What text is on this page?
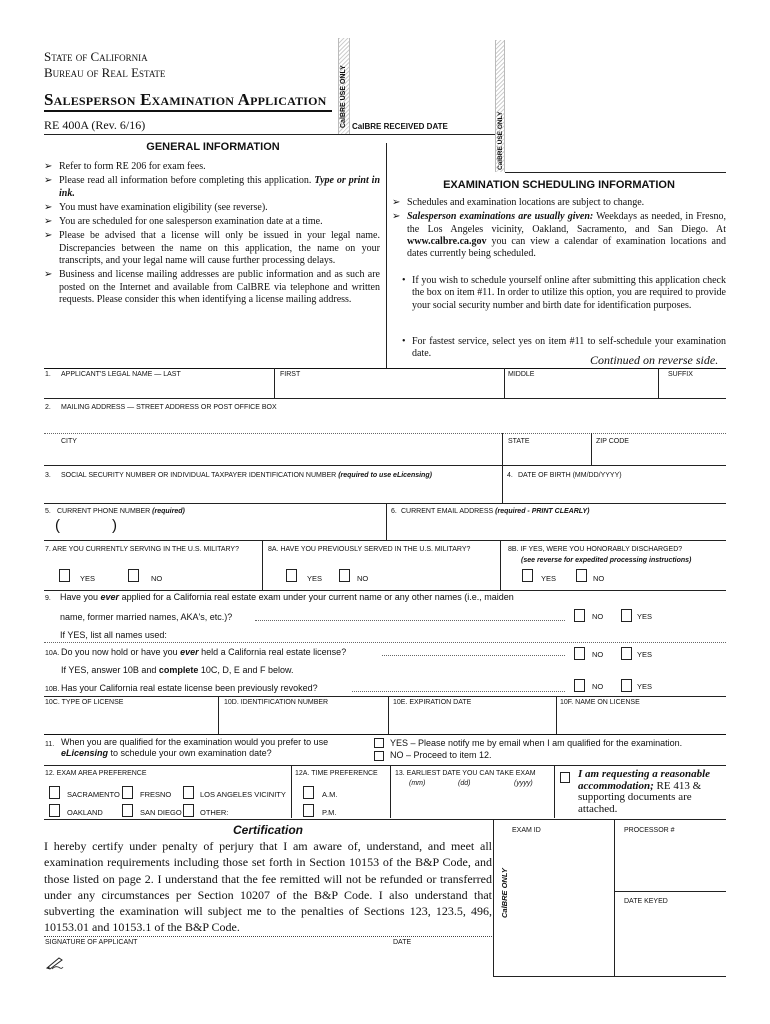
State of California
Bureau of Real Estate
Salesperson Examination Application
RE 400A (Rev. 6/16)	CalBRE USE ONLY CalBRE RECEIVED DATE	CalBRE USE ONLY
GENERAL INFORMATION
➢ Refer to form RE 206 for exam fees.
➢ Please read all information before completing this application. Type or print in ink.
➢ You must have examination eligibility (see reverse).
➢ You are scheduled for one salesperson examination date at a time.
➢ Please be advised that a license will only be issued in your legal name. Discrepancies between the name on this application, the name on your transcripts, and your legal name will cause further processing delays.
➢ Business and license mailing addresses are public information and as such are posted on the Internet and available from CalBRE via telephone and written requests. Please consider this when identifying a license mailing address.
EXAMINATION SCHEDULING INFORMATION
➢ Schedules and examination locations are subject to change.
➢ Salesperson examinations are usually given: Weekdays as needed, in Fresno, the Los Angeles vicinity, Oakland, Sacramento, and San Diego. At www.calbre.ca.gov you can view a calendar of examination locations and dates currently being scheduled.
• If you wish to schedule yourself online after submitting this application check the box on item #11. In order to utilize this option, you are required to provide your social security number and birth date for identification purposes.
• For fastest service, select yes on item #11 to self-schedule your examination date.	Continued on reverse side.
1. APPLICANT'S LEGAL NAME — LAST	FIRST	MIDDLE	SUFFIX
2. MAILING ADDRESS — STREET ADDRESS OR POST OFFICE BOX
CITY	STATE	ZIP CODE
3. SOCIAL SECURITY NUMBER OR INDIVIDUAL TAXPAYER IDENTIFICATION NUMBER (required to use eLicensing)	4. DATE OF BIRTH (MM/DD/YYYY)
5. CURRENT PHONE NUMBER (required)
(	)
6. CURRENT EMAIL ADDRESS (required - PRINT CLEARLY)
7. ARE YOU CURRENTLY SERVING IN THE U.S. MILITARY?	8A. HAVE YOU PREVIOUSLY SERVED IN THE U.S. MILITARY?	8B. IF YES, WERE YOU HONORABLY DISCHARGED?
(see reverse for expedited processing instructions)
YES	NO	YES	NO	YES	NO
9. Have you ever applied for a California real estate exam under your current name or any other names (i.e., maiden
name, former married names, AKA's, etc.)?	NO	YES
If YES, list all names used:
10A. Do you now hold or have you ever held a California real estate license?	NO	YES
If YES, answer 10B and complete 10C, D, E and F below.
10B. Has your California real estate license been previously revoked?	NO	YES
10C. TYPE OF LICENSE	10D. IDENTIFICATION NUMBER	10E. EXPIRATION DATE	10F. NAME ON LICENSE
11. When you are qualified for the examination would you prefer to use
eLicensing to schedule your own examination date?
YES – Please notify me by email when I am qualified for the examination.
NO – Proceed to item 12.
12. EXAM AREA PREFERENCE
SACRAMENTO	FRESNO	LOS ANGELES VICINITY
OAKLAND	SAN DIEGO OTHER:
12A. TIME PREFERENCE
A.M.
P.M.
13. EARLIEST DATE YOU CAN TAKE EXAM
(mm)	(dd)	(yyyy)
I am requesting a reasonable accommodation; RE 413 & supporting documents are attached.
Certification
I hereby certify under penalty of perjury that I am aware of, understand, and meet all examination requirements including those set forth in Section 10153 of the B&P Code, and those listed on page 2. I understand that the fee remitted will not be refunded or transferred under any circumstances per Section 10207 of the B&P Code. I also understand that subverting the examination will subject me to the penalties of Sections 123, 123.5, 496, 10153.01 and 10153.1 of the B&P Code.
SIGNATURE OF APPLICANT	DATE
CalBRE ONLY
EXAM ID	PROCESSOR #
DATE KEYED
